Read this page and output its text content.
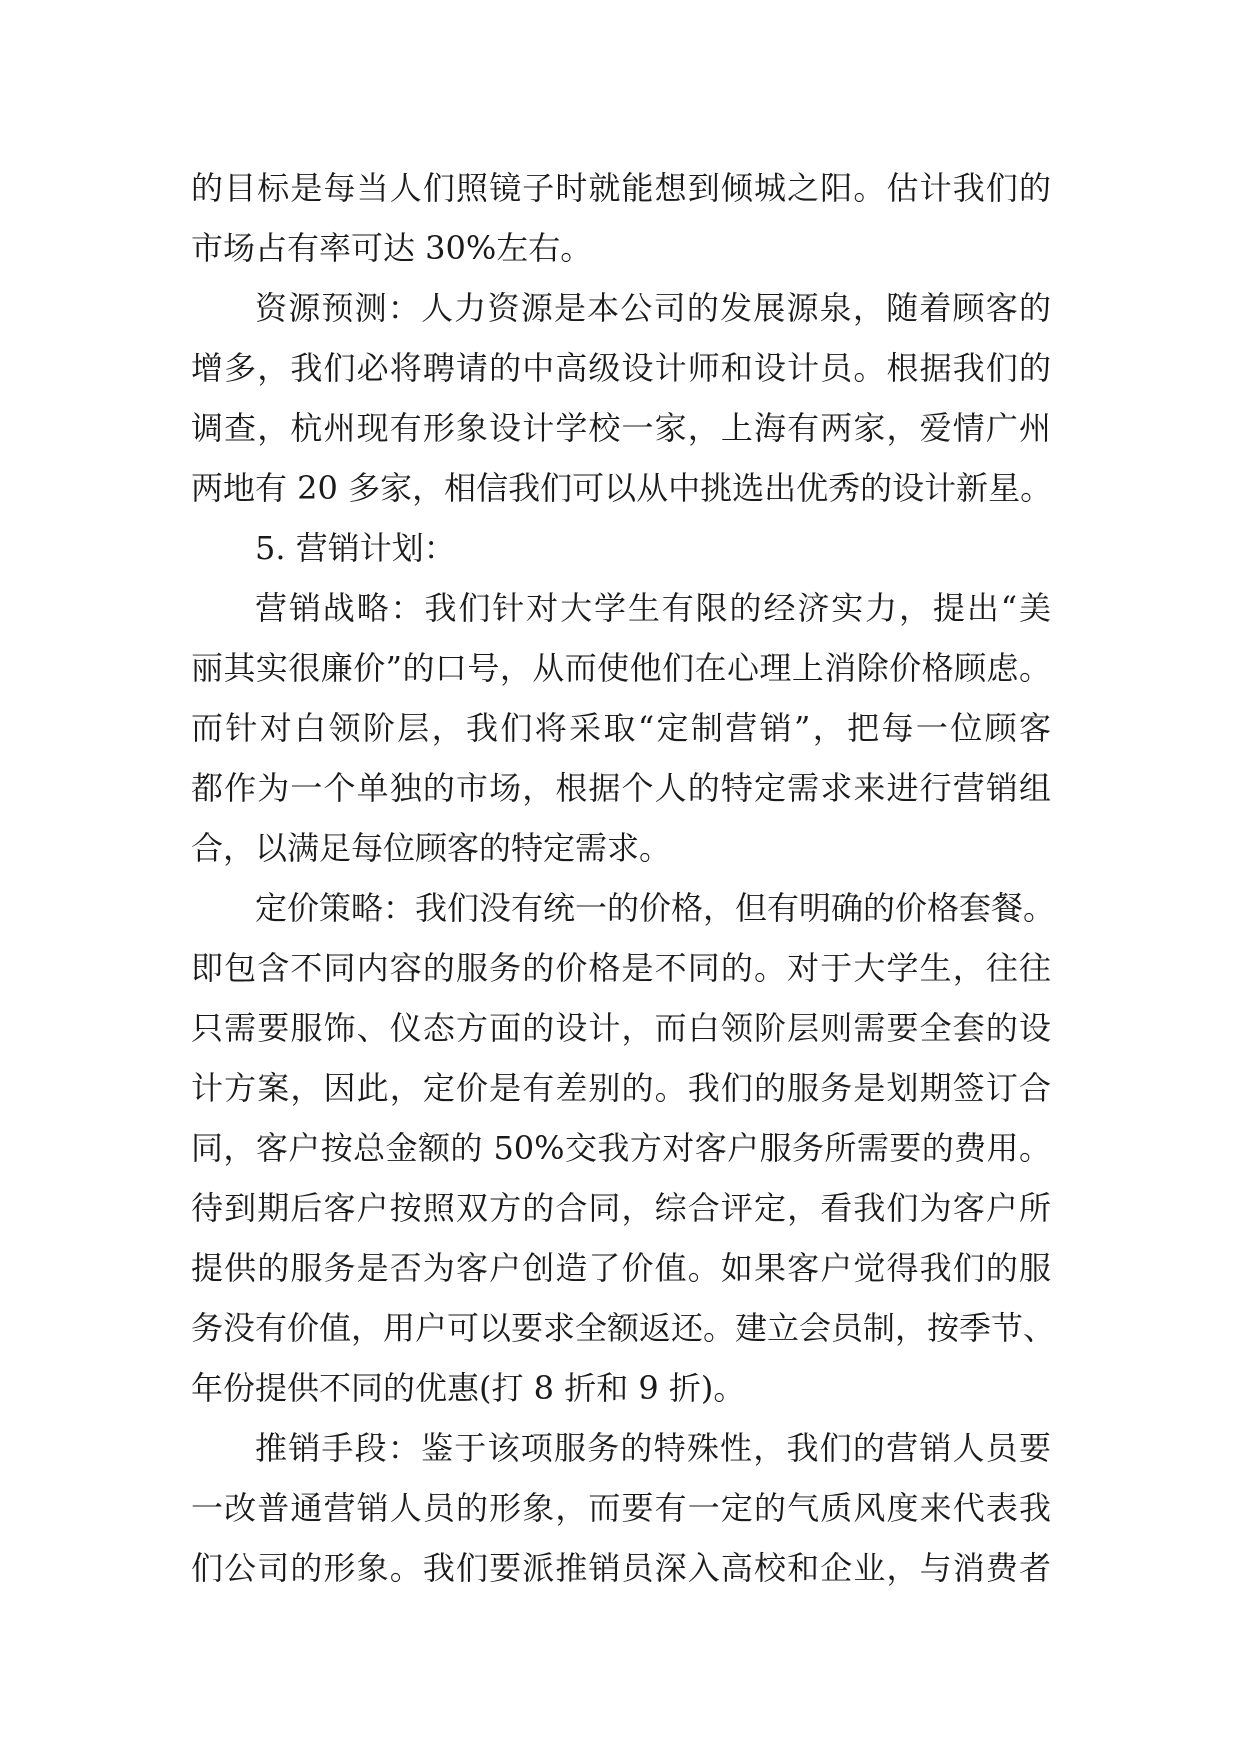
的目标是每当人们照镜子时就能想到倾城之阳。估计我们的
市场占有率可达 30%左右。
资源预测：人力资源是本公司的发展源泉，随着顾客的
增多，我们必将聘请的中高级设计师和设计员。根据我们的
调查，杭州现有形象设计学校一家，上海有两家，爱情广州
两地有 20 多家，相信我们可以从中挑选出优秀的设计新星。
5. 营销计划：
营销战略：我们针对大学生有限的经济实力，提出“美
丽其实很廉价”的口号，从而使他们在心理上消除价格顾虑。
而针对白领阶层，我们将采取“定制营销”，把每一位顾客
都作为一个单独的市场，根据个人的特定需求来进行营销组
合，以满足每位顾客的特定需求。
定价策略：我们没有统一的价格，但有明确的价格套餐。
即包含不同内容的服务的价格是不同的。对于大学生，往往
只需要服饰、仪态方面的设计，而白领阶层则需要全套的设
计方案，因此，定价是有差别的。我们的服务是划期签订合
同，客户按总金额的 50%交我方对客户服务所需要的费用。
待到期后客户按照双方的合同，综合评定，看我们为客户所
提供的服务是否为客户创造了价值。如果客户觉得我们的服
务没有价值，用户可以要求全额返还。建立会员制，按季节、
年份提供不同的优惠(打 8 折和 9 折)。
推销手段：鉴于该项服务的特殊性，我们的营销人员要
一改普通营销人员的形象，而要有一定的气质风度来代表我
们公司的形象。我们要派推销员深入高校和企业，与消费者
